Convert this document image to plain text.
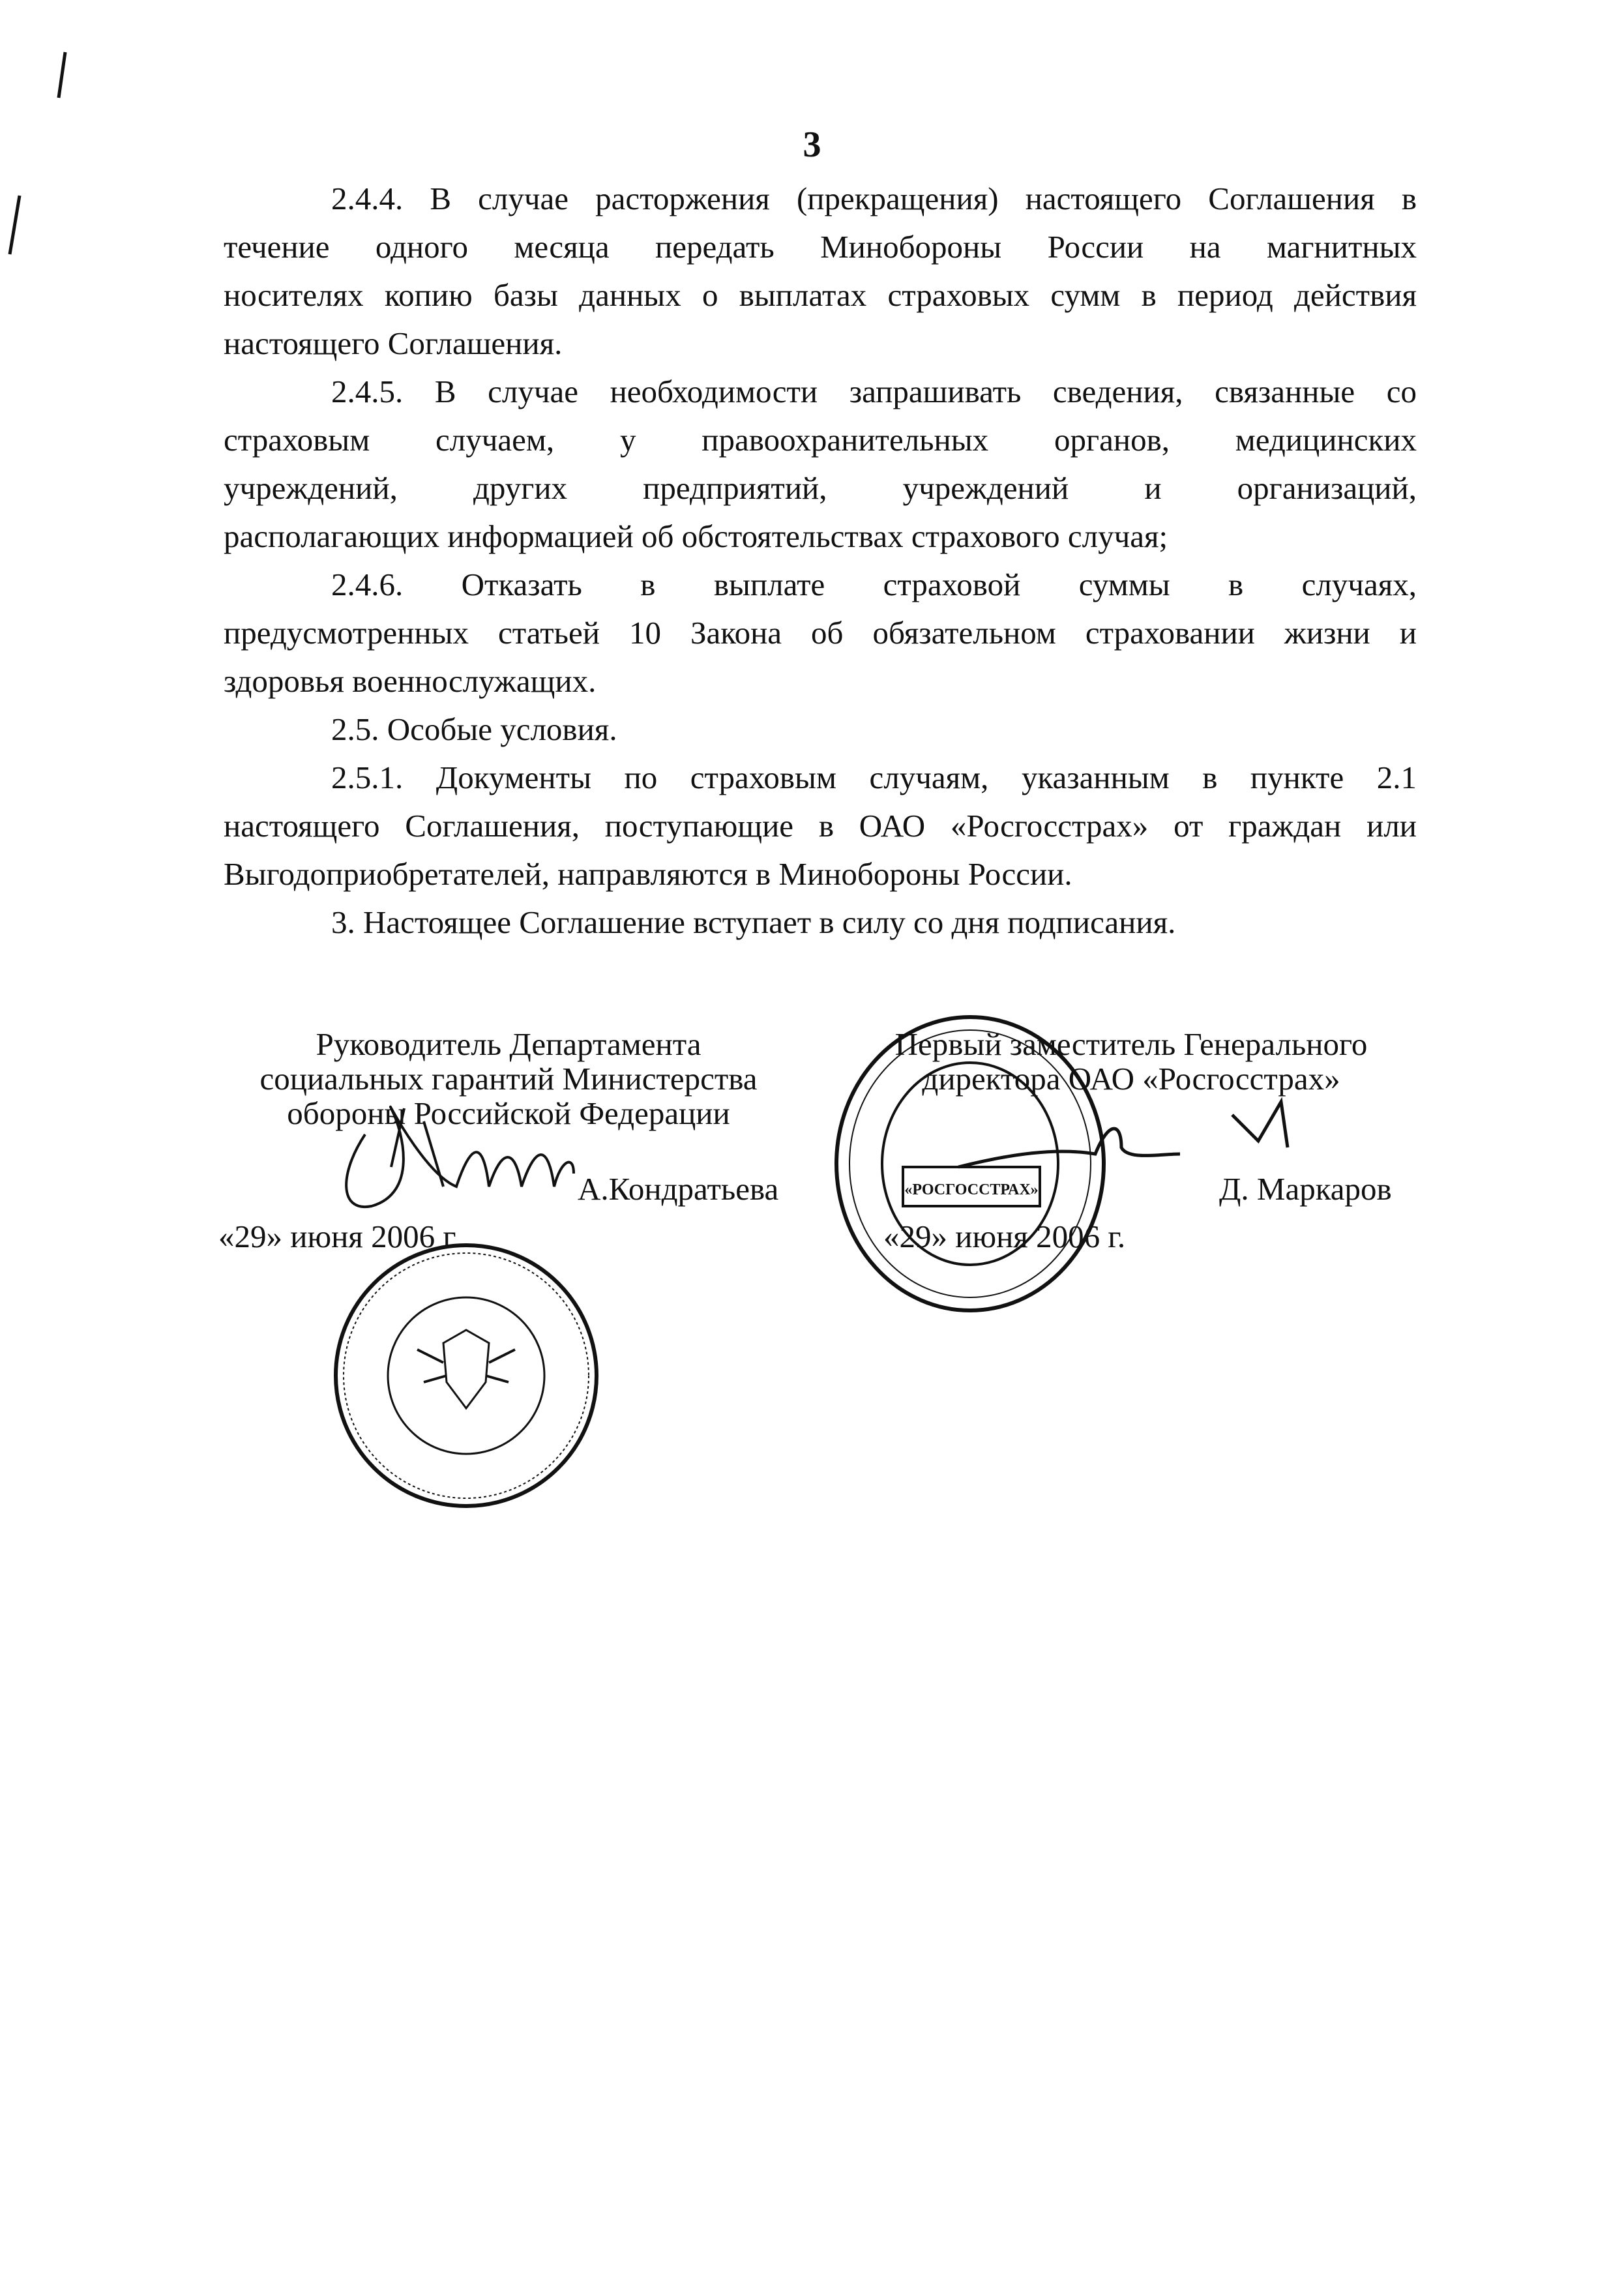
3
2.4.4. В случае расторжения (прекращения) настоящего Соглашения в
течение одного месяца передать Минобороны России на магнитных
носителях копию базы данных о выплатах страховых сумм в период действия
настоящего Соглашения.
2.4.5. В случае необходимости запрашивать сведения, связанные со
страховым случаем, у правоохранительных органов, медицинских
учреждений, других предприятий, учреждений и организаций,
располагающих информацией об обстоятельствах страхового случая;
2.4.6. Отказать в выплате страховой суммы в случаях,
предусмотренных статьей 10 Закона об обязательном страховании жизни и
здоровья военнослужащих.
2.5. Особые условия.
2.5.1. Документы по страховым случаям, указанным в пункте 2.1
настоящего Соглашения, поступающие в ОАО «Росгосстрах» от граждан или
Выгодоприобретателей, направляются в Минобороны России.
3. Настоящее Соглашение вступает в силу со дня подписания.
Руководитель Департамента
социальных гарантий Министерства
обороны Российской Федерации
А.Кондратьева
«29» июня 2006 г.
Первый заместитель Генерального
директора ОАО «Росгосстрах»
Д. Маркаров
«29» июня 2006 г.
«РОСГОССТРАХ»
